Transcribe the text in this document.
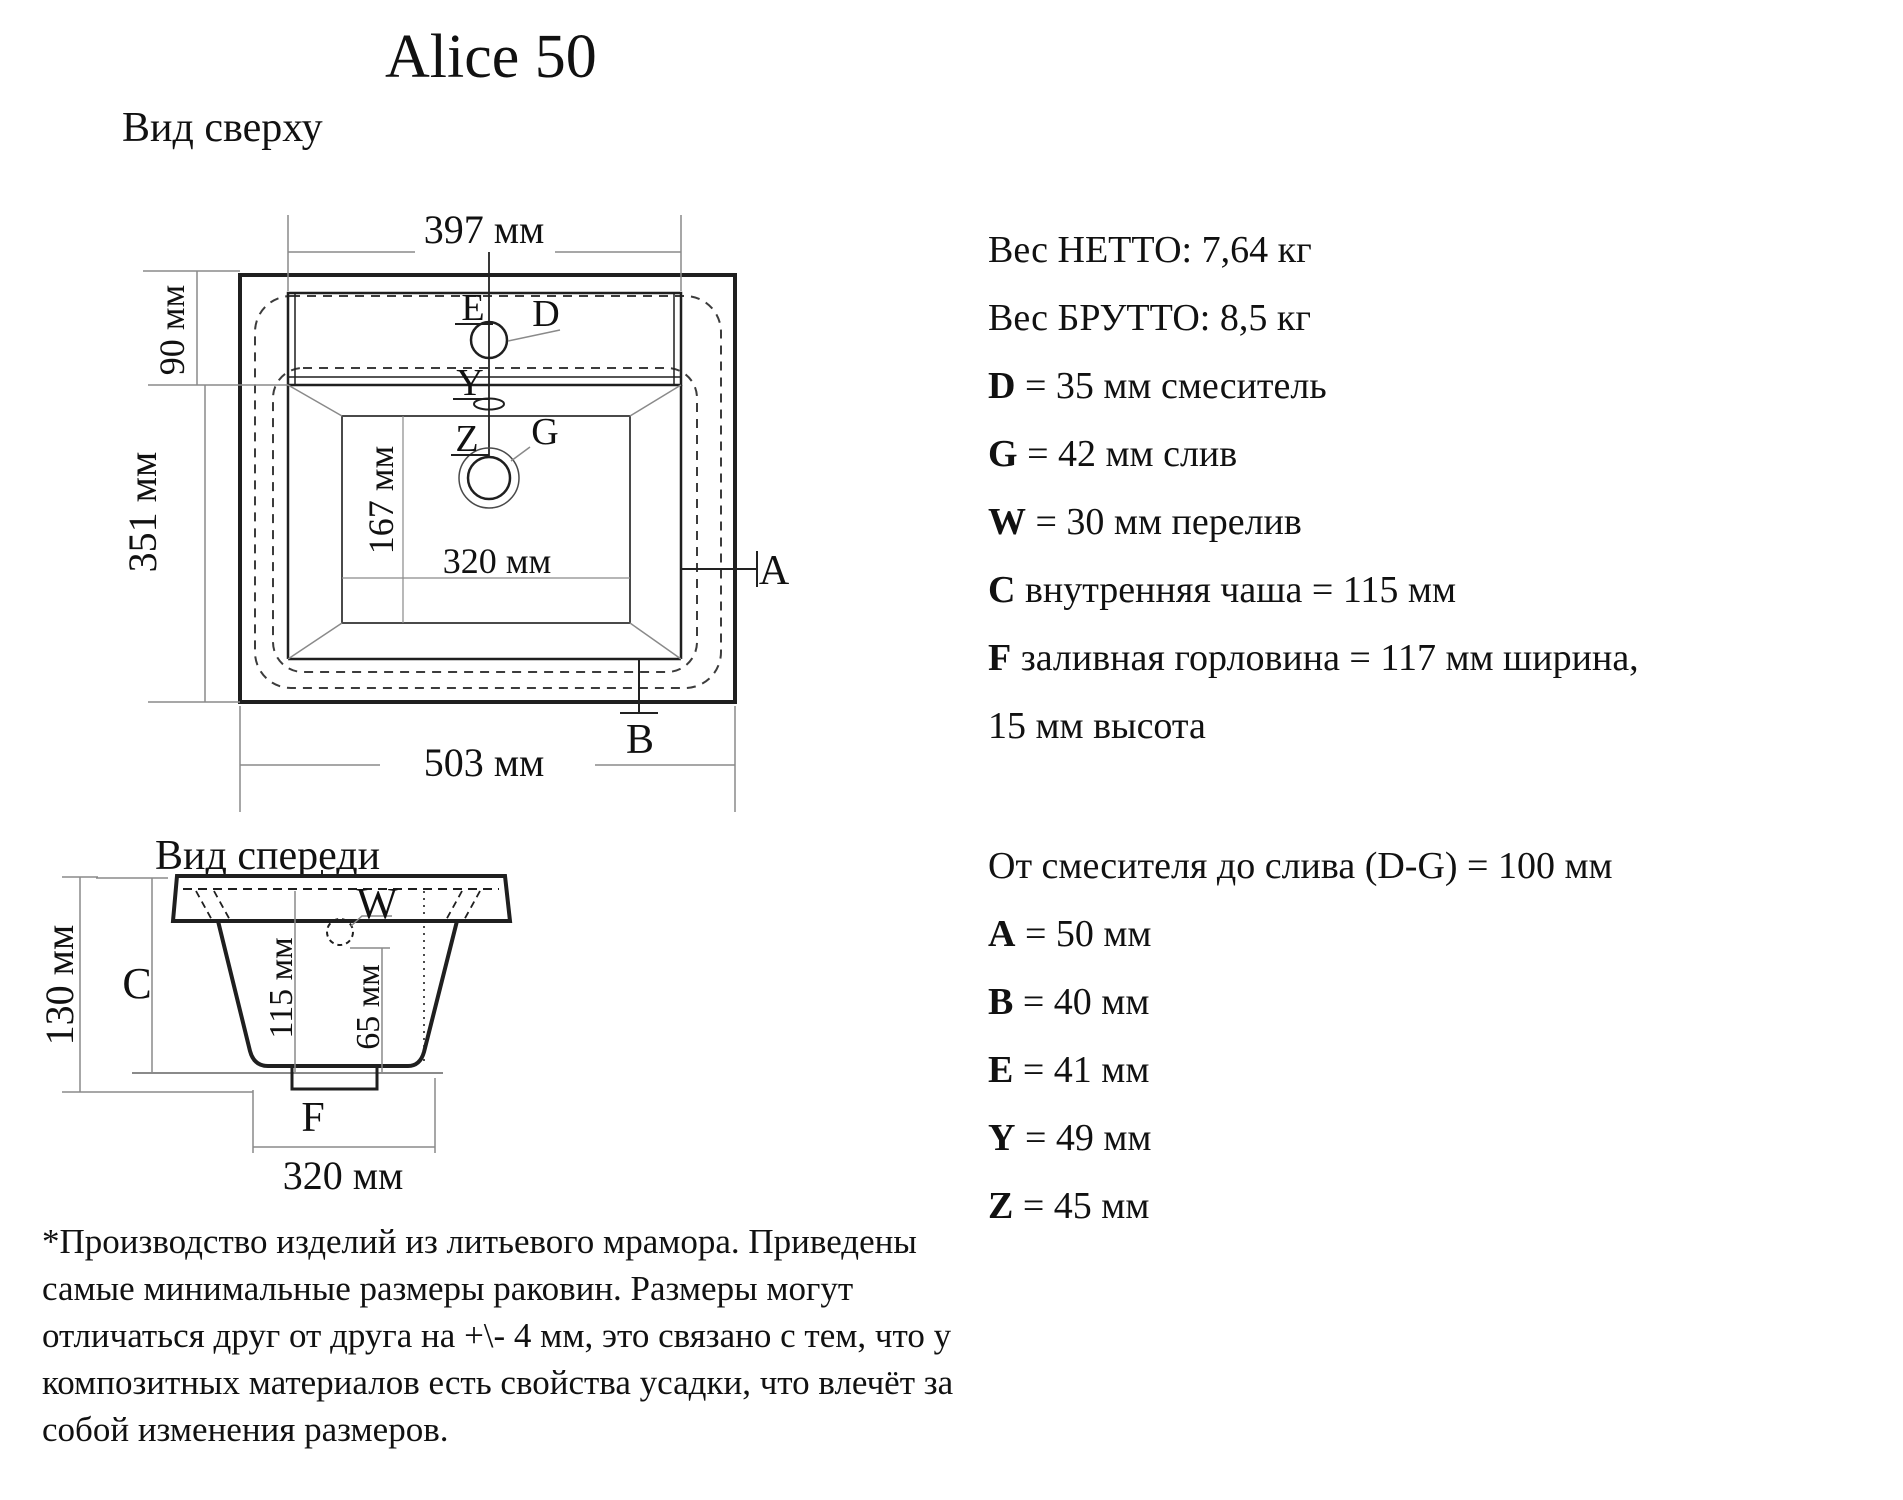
Alice 50
Вид сверху
Вид спереди
397 мм
90 мм
351 мм	167 мм
320 мм
503 мм
E D
Y
Z G
A
B
W
C
F
130 мм	115 мм 65 мм
320 мм
Вес НЕТТО: 7,64 кг
Вес БРУТТО: 8,5 кг
D = 35 мм смеситель
G = 42 мм слив
W = 30 мм перелив
C внутренняя чаша = 115 мм
F заливная горловина = 117 мм ширина,
15 мм высота
От смесителя до слива (D-G) = 100 мм
A = 50 мм
B = 40 мм
E = 41 мм
Y = 49 мм
Z = 45 мм
*Производство изделий из литьевого мрамора. Приведены самые минимальные размеры раковин. Размеры могут отличаться друг от друга на +\- 4 мм, это связано с тем, что у композитных материалов есть свойства усадки, что влечёт за собой изменения размеров.
